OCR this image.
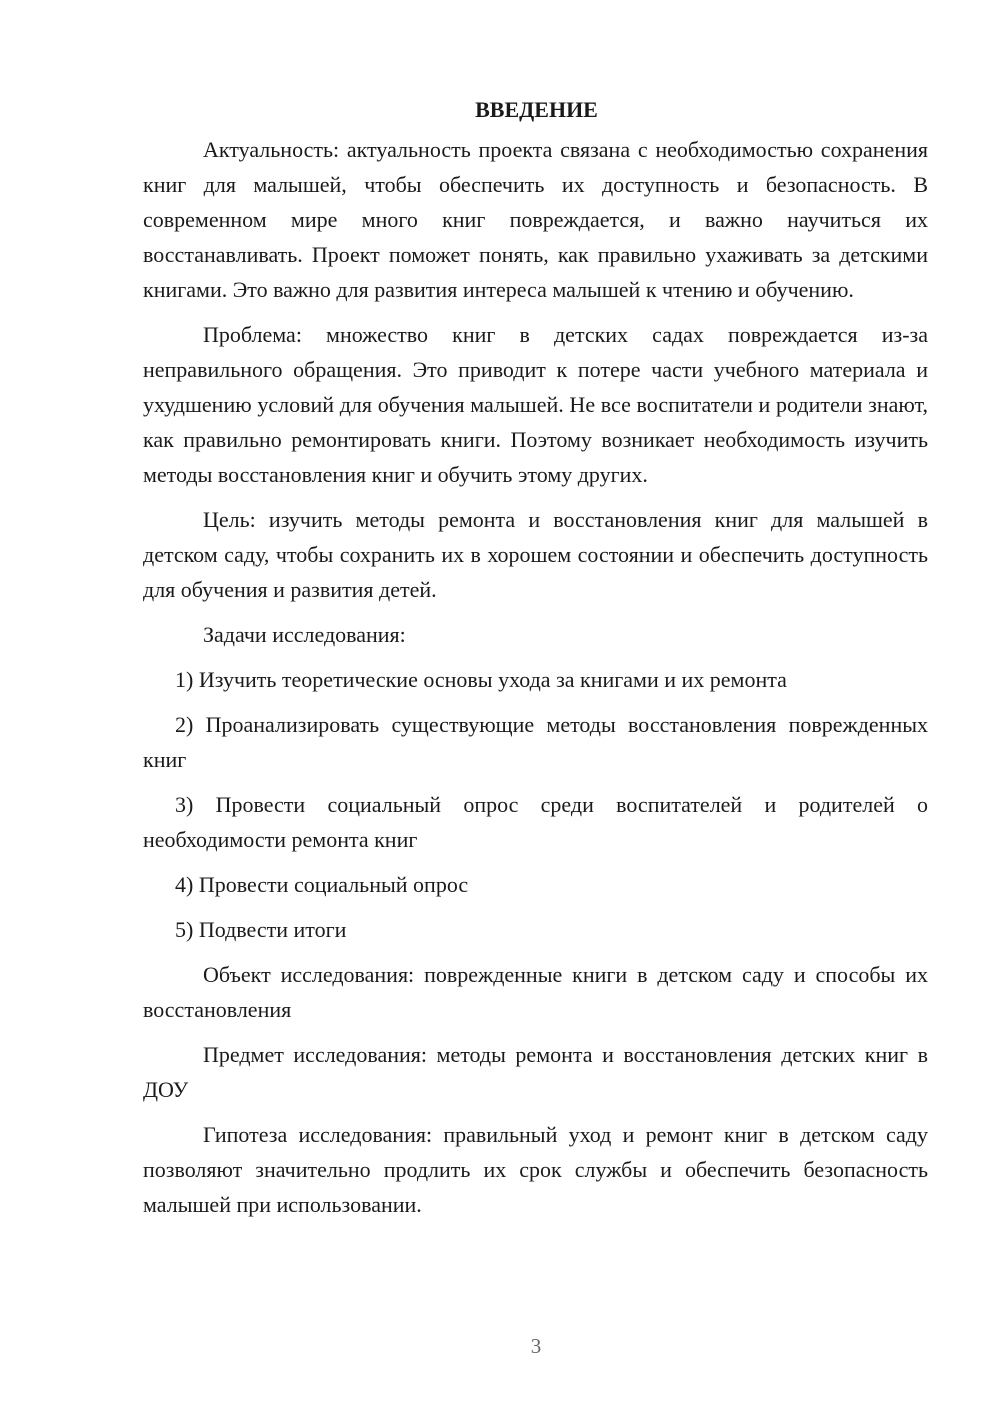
ВВЕДЕНИЕ

Актуальность: актуальность проекта связана с необходимостью сохранения книг для малышей, чтобы обеспечить их доступность и безопасность. В современном мире много книг повреждается, и важно научиться их восстанавливать. Проект поможет понять, как правильно ухаживать за детскими книгами. Это важно для развития интереса малышей к чтению и обучению.

Проблема: множество книг в детских садах повреждается из-за неправильного обращения. Это приводит к потере части учебного материала и ухудшению условий для обучения малышей. Не все воспитатели и родители знают, как правильно ремонтировать книги. Поэтому возникает необходимость изучить методы восстановления книг и обучить этому других.

Цель: изучить методы ремонта и восстановления книг для малышей в детском саду, чтобы сохранить их в хорошем состоянии и обеспечить доступность для обучения и развития детей.

Задачи исследования:

1) Изучить теоретические основы ухода за книгами и их ремонта

2) Проанализировать существующие методы восстановления поврежденных книг

3) Провести социальный опрос среди воспитателей и родителей о необходимости ремонта книг

4) Провести социальный опрос

5) Подвести итоги

Объект исследования: поврежденные книги в детском саду и способы их восстановления

Предмет исследования: методы ремонта и восстановления детских книг в ДОУ

Гипотеза исследования: правильный уход и ремонт книг в детском саду позволяют значительно продлить их срок службы и обеспечить безопасность малышей при использовании.

3
